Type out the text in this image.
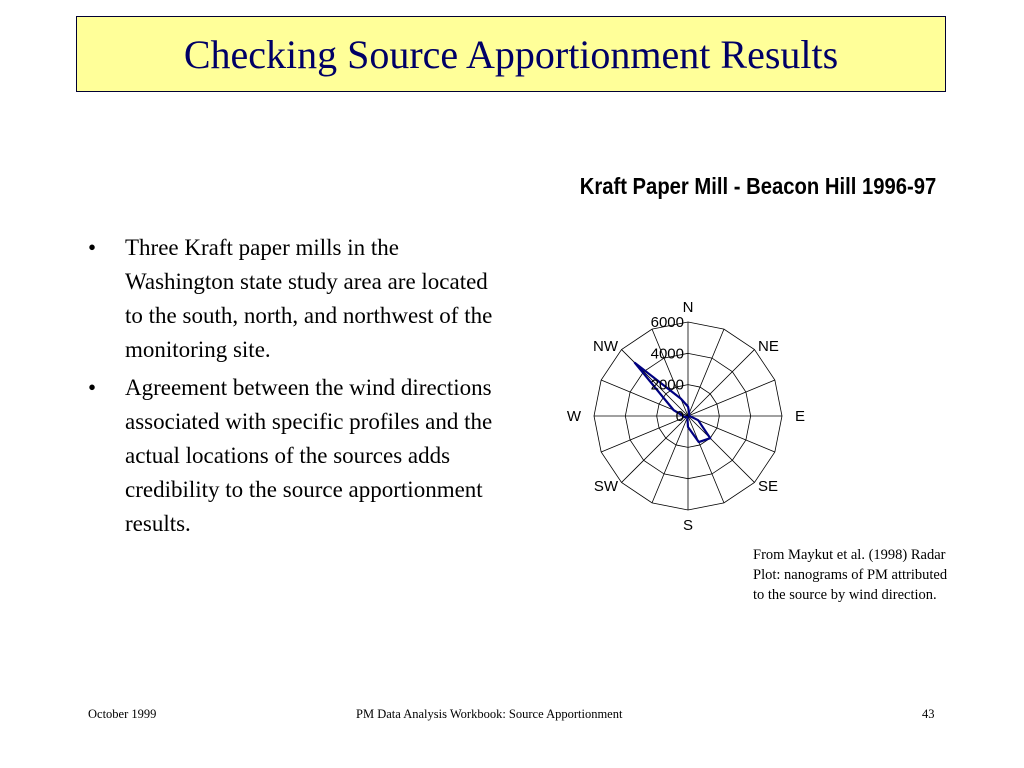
Checking Source Apportionment Results
Kraft Paper Mill - Beacon Hill 1996-97
• Three Kraft paper mills in the Washington state study area are located to the south, north, and northwest of the monitoring site.
• Agreement between the wind directions associated with specific profiles and the actual locations of the sources adds credibility to the source apportionment results.
0
2000
4000
6000
N
NE
E
SE
S
SW
W
NW
From Maykut et al. (1998) Radar Plot: nanograms of PM attributed to the source by wind direction.
October 1999	PM Data Analysis Workbook: Source Apportionment	43
